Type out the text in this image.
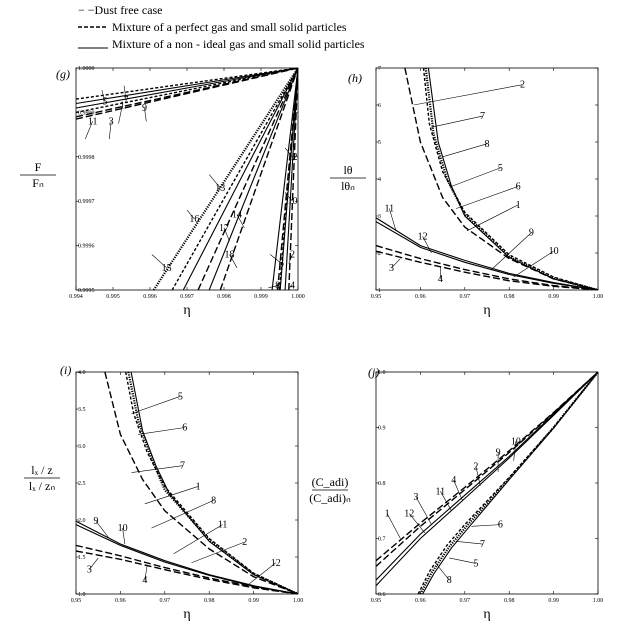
− −Dust free case
Mixture of a perfect gas and small solid particles
Mixture of a non - ideal gas and small solid particles
0.994	0.995	0.996	0.997	0.998	0.999	1.000
0.9995
0.9996
0.9997
0.9998
0.9999
1.0000
5 7
1 9
11 3
13
16	14
17
15
18
12
10
6
2
8 4
(g)
η
F
Fₙ
0.95	0.96	0.97	0.98	0.99	1.00
1
2
3
4
5
6
7
2
7
8
5
6
1
9
10
11
12
3
4
(h)
η
lθ
lθₙ
0.95	0.96	0.97	0.98	0.99	1.00
1.0
1.5
2.0
2.5
3.0
3.5
4.0
5
6
7
1
8
11
2
12
9
10
3
4
(i)
η
lₓ / z
lₓ / zₙ
0.95	0.96	0.97	0.98	0.99	1.00
0.6
0.7
0.8
0.9
1.0
1 12
3
11
4
2
9
10
8
5
7
6
(j)
η
(C_adi)
(C_adi)ₙ
